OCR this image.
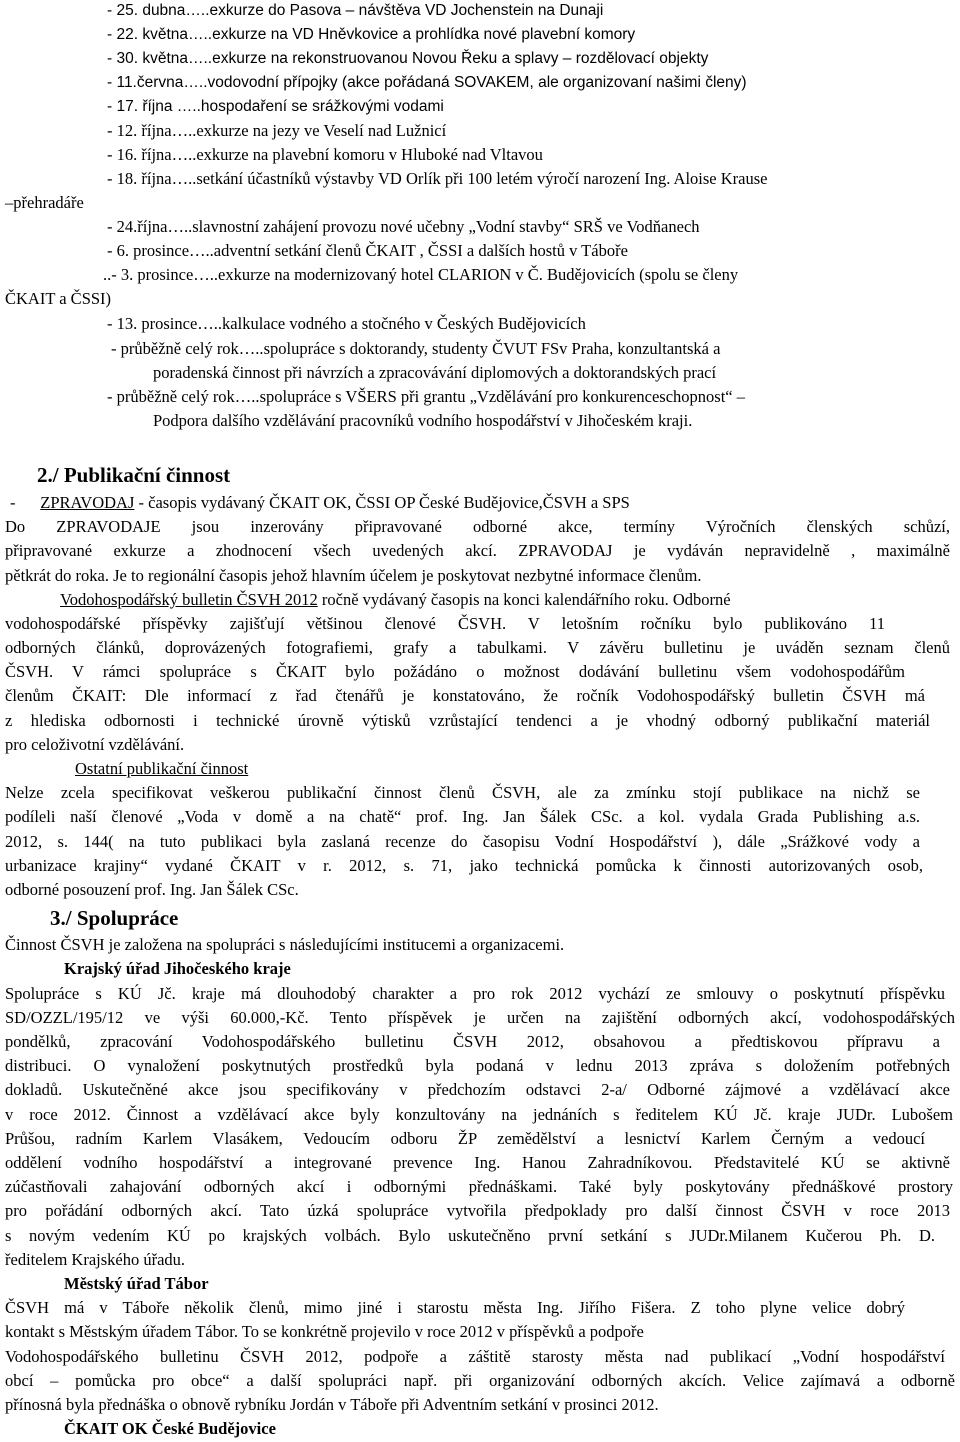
- 25. dubna…..exkurze do Pasova – návštěva VD Jochenstein na Dunaji
- 22. května…..exkurze na VD Hněvkovice a prohlídka nové plavební komory
- 30. května…..exkurze na rekonstruovanou Novou Řeku a splavy – rozdělovací objekty
- 11.června…..vodovodní přípojky (akce pořádaná SOVAKEM, ale organizovaní našimi členy)
- 17. října …..hospodaření se srážkovými vodami
- 12. října…..exkurze na jezy ve Veselí nad Lužnicí
- 16. října…..exkurze na plavební komoru v Hluboké nad Vltavou
- 18. října…..setkání účastníků výstavby VD Orlík při 100 letém výročí narození Ing. Aloise Krause
–přehradáře
- 24.října…..slavnostní zahájení provozu nové učebny „Vodní stavby“ SRŠ ve Vodňanech
- 6. prosince…..adventní setkání členů ČKAIT , ČSSI a dalších hostů v Táboře
..- 3. prosince…..exkurze na modernizovaný hotel CLARION v Č. Budějovicích (spolu se členy
ČKAIT a ČSSI)
- 13. prosince…..kalkulace vodného a stočného v Českých Budějovicích
- průběžně celý rok…..spolupráce s doktorandy, studenty ČVUT FSv Praha, konzultantská a
poradenská činnost při návrzích a zpracovávání diplomových a doktorandských prací
- průběžně celý rok…..spolupráce s VŠERS při grantu „Vzdělávání pro konkurenceschopnost“ –
Podpora dalšího vzdělávání pracovníků vodního hospodářství v Jihočeském kraji.
2./ Publikační činnost
- ZPRAVODAJ - časopis vydávaný ČKAIT OK, ČSSI OP České Budějovice,ČSVH a SPS
Do ZPRAVODAJE jsou inzerovány připravované odborné akce, termíny Výročních členských schůzí,
připravované exkurze a zhodnocení všech uvedených akcí. ZPRAVODAJ je vydáván nepravidelně , maximálně
pětkrát do roka. Je to regionální časopis jehož hlavním účelem je poskytovat nezbytné informace členům.
Vodohospodářský bulletin ČSVH 2012 ročně vydávaný časopis na konci kalendářního roku. Odborné
vodohospodářské příspěvky zajišťují většinou členové ČSVH. V letošním ročníku bylo publikováno 11
odborných článků, doprovázených fotografiemi, grafy a tabulkami. V závěru bulletinu je uváděn seznam členů
ČSVH. V rámci spolupráce s ČKAIT bylo požádáno o možnost dodávání bulletinu všem vodohospodářům
členům ČKAIT: Dle informací z řad čtenářů je konstatováno, že ročník Vodohospodářský bulletin ČSVH má
z hlediska odbornosti i technické úrovně výtisků vzrůstající tendenci a je vhodný odborný publikační materiál
pro celoživotní vzdělávání.
Ostatní publikační činnost
Nelze zcela specifikovat veškerou publikační činnost členů ČSVH, ale za zmínku stojí publikace na nichž se
podíleli naší členové „Voda v domě a na chatě“ prof. Ing. Jan Šálek CSc. a kol. vydala Grada Publishing a.s.
2012, s. 144( na tuto publikaci byla zaslaná recenze do časopisu Vodní Hospodářství ), dále „Srážkové vody a
urbanizace krajiny“ vydané ČKAIT v r. 2012, s. 71, jako technická pomůcka k činnosti autorizovaných osob,
odborné posouzení prof. Ing. Jan Šálek CSc.
3./ Spolupráce
Činnost ČSVH je založena na spolupráci s následujícími institucemi a organizacemi.
Krajský úřad Jihočeského kraje
Spolupráce s KÚ Jč. kraje má dlouhodobý charakter a pro rok 2012 vychází ze smlouvy o poskytnutí příspěvku
SD/OZZL/195/12 ve výši 60.000,-Kč. Tento příspěvek je určen na zajištění odborných akcí, vodohospodářských
pondělků, zpracování Vodohospodářského bulletinu ČSVH 2012, obsahovou a předtiskovou přípravu a
distribuci. O vynaložení poskytnutých prostředků byla podaná v lednu 2013 zpráva s doložením potřebných
dokladů. Uskutečněné akce jsou specifikovány v předchozím odstavci 2-a/ Odborné zájmové a vzdělávací akce
v roce 2012. Činnost a vzdělávací akce byly konzultovány na jednáních s ředitelem KÚ Jč. kraje JUDr. Lubošem
Průšou, radním Karlem Vlasákem, Vedoucím odboru ŽP zemědělství a lesnictví Karlem Černým a vedoucí
oddělení vodního hospodářství a integrované prevence Ing. Hanou Zahradníkovou. Představitelé KÚ se aktivně
zúčastňovali zahajování odborných akcí i odbornými přednáškami. Také byly poskytovány přednáškové prostory
pro pořádání odborných akcí. Tato úzká spolupráce vytvořila předpoklady pro další činnost ČSVH v roce 2013
s novým vedením KÚ po krajských volbách. Bylo uskutečněno první setkání s JUDr.Milanem Kučerou Ph. D.
ředitelem Krajského úřadu.
Městský úřad Tábor
ČSVH má v Táboře několik členů, mimo jiné i starostu města Ing. Jiřího Fišera. Z toho plyne velice dobrý
kontakt s Městským úřadem Tábor. To se konkrétně projevilo v roce 2012 v příspěvků a podpoře
Vodohospodářského bulletinu ČSVH 2012, podpoře a záštitě starosty města nad publikací „Vodní hospodářství
obcí – pomůcka pro obce“ a další spolupráci např. při organizování odborných akcích. Velice zajímavá a odborně
přínosná byla přednáška o obnově rybníku Jordán v Táboře při Adventním setkání v prosinci 2012.
ČKAIT OK České Budějovice
